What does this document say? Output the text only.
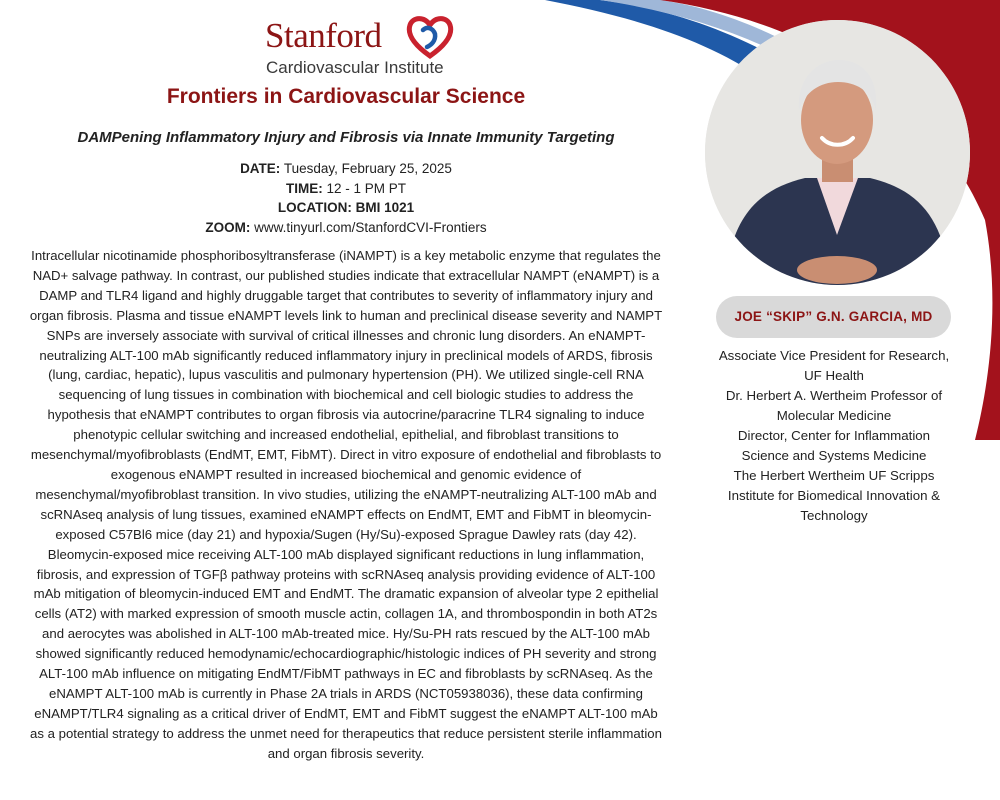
Stanford
Cardiovascular Institute
Frontiers in Cardiovascular Science
DAMPening Inflammatory Injury and Fibrosis via Innate Immunity Targeting
DATE: Tuesday, February 25, 2025
TIME: 12 - 1 PM PT
LOCATION: BMI 1021
ZOOM: www.tinyurl.com/StanfordCVI-Frontiers

Intracellular nicotinamide phosphoribosyltransferase (iNAMPT) is a key metabolic enzyme that regulates the NAD+ salvage pathway. In contrast, our published studies indicate that extracellular NAMPT (eNAMPT) is a DAMP and TLR4 ligand and highly druggable target that contributes to severity of inflammatory injury and organ fibrosis. Plasma and tissue eNAMPT levels link to human and preclinical disease severity and NAMPT SNPs are inversely associate with survival of critical illnesses and chronic lung disorders. An eNAMPT-neutralizing ALT-100 mAb significantly reduced inflammatory injury in preclinical models of ARDS, fibrosis (lung, cardiac, hepatic), lupus vasculitis and pulmonary hypertension (PH). We utilized single-cell RNA sequencing of lung tissues in combination with biochemical and cell biologic studies to address the hypothesis that eNAMPT contributes to organ fibrosis via autocrine/paracrine TLR4 signaling to induce phenotypic cellular switching and increased endothelial, epithelial, and fibroblast transitions to mesenchymal/myofibroblasts (EndMT, EMT, FibMT). Direct in vitro exposure of endothelial and fibroblasts to exogenous eNAMPT resulted in increased biochemical and genomic evidence of mesenchymal/myofibroblast transition. In vivo studies, utilizing the eNAMPT-neutralizing ALT-100 mAb and scRNAseq analysis of lung tissues, examined eNAMPT effects on EndMT, EMT and FibMT in bleomycin-exposed C57Bl6 mice (day 21) and hypoxia/Sugen (Hy/Su)-exposed Sprague Dawley rats (day 42). Bleomycin-exposed mice receiving ALT-100 mAb displayed significant reductions in lung inflammation, fibrosis, and expression of TGFβ pathway proteins with scRNAseq analysis providing evidence of ALT-100 mAb mitigation of bleomycin-induced EMT and EndMT. The dramatic expansion of alveolar type 2 epithelial cells (AT2) with marked expression of smooth muscle actin, collagen 1A, and thrombospondin in both AT2s and aerocytes was abolished in ALT-100 mAb-treated mice. Hy/Su-PH rats rescued by the ALT-100 mAb showed significantly reduced hemodynamic/echocardiographic/histologic indices of PH severity and strong ALT-100 mAb influence on mitigating EndMT/FibMT pathways in EC and fibroblasts by scRNAseq. As the eNAMPT ALT-100 mAb is currently in Phase 2A trials in ARDS (NCT05938036), these data confirming eNAMPT/TLR4 signaling as a critical driver of EndMT, EMT and FibMT suggest the eNAMPT ALT-100 mAb as a potential strategy to address the unmet need for therapeutics that reduce persistent sterile inflammation and organ fibrosis severity.

JOE “SKIP” G.N. GARCIA, MD
Associate Vice President for Research, UF Health
Dr. Herbert A. Wertheim Professor of Molecular Medicine
Director, Center for Inflammation Science and Systems Medicine
The Herbert Wertheim UF Scripps Institute for Biomedical Innovation & Technology
